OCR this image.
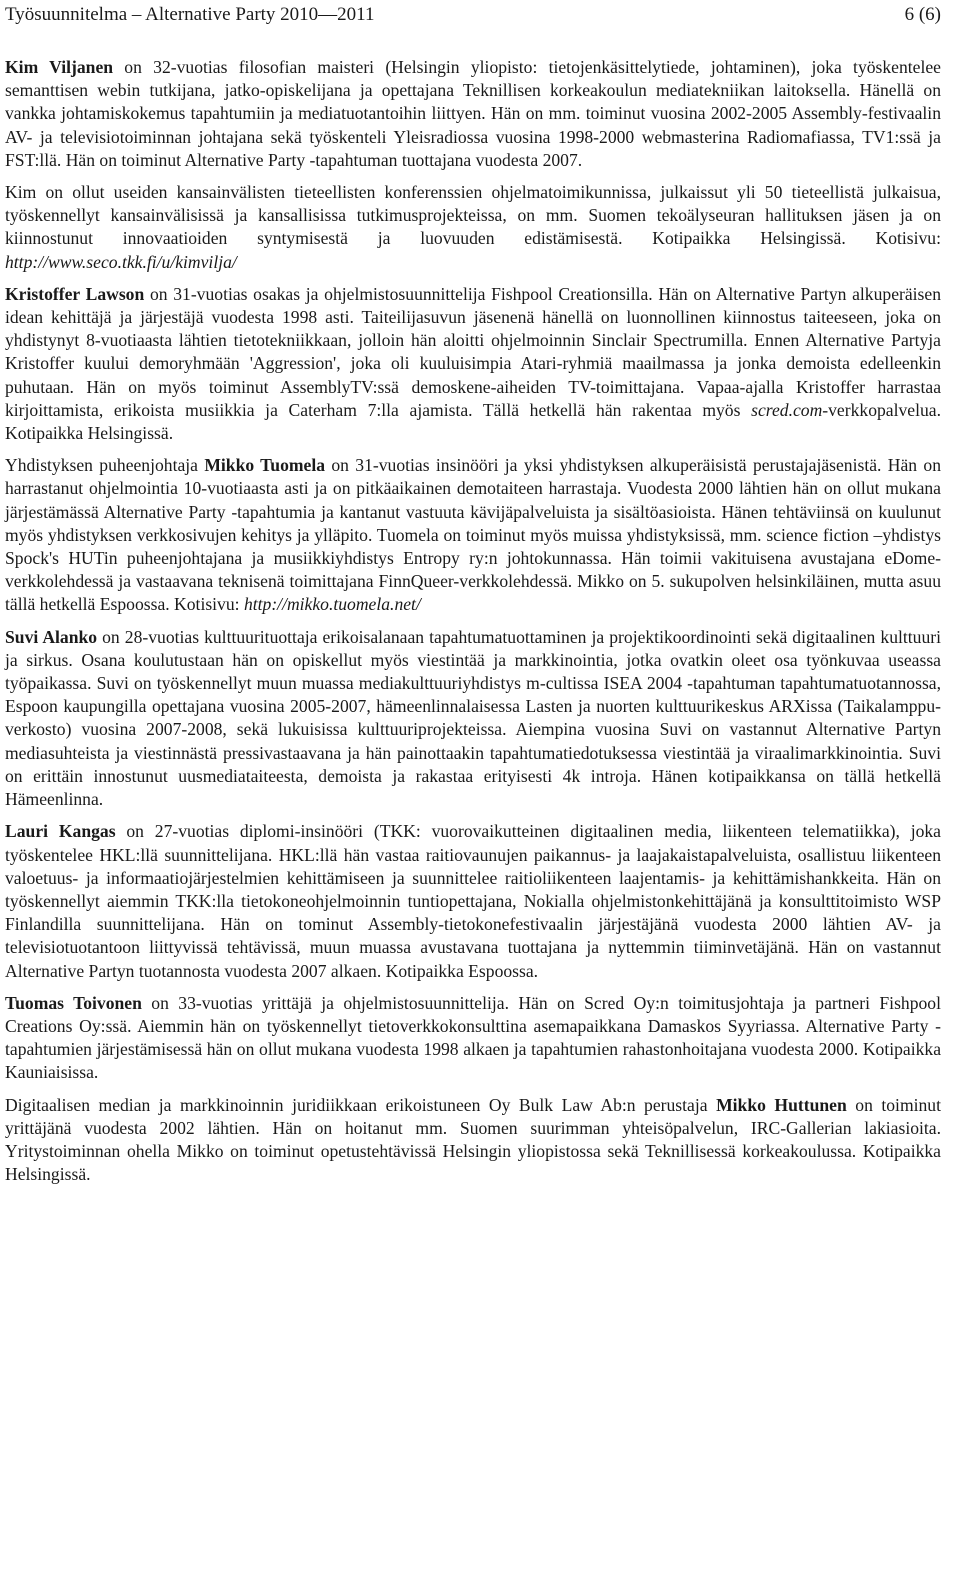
Työsuunnitelma – Alternative Party 2010—2011	6 (6)

Kim Viljanen on 32-vuotias filosofian maisteri (Helsingin yliopisto: tietojenkäsittelytiede, johtaminen), joka työskentelee semanttisen webin tutkijana, jatko-opiskelijana ja opettajana Teknillisen korkeakoulun mediatekniikan laitoksella. Hänellä on vankka johtamiskokemus tapahtumiin ja mediatuotantoihin liittyen. Hän on mm. toiminut vuosina 2002-2005 Assembly-festivaalin AV- ja televisiotoiminnan johtajana sekä työskenteli Yleisradiossa vuosina 1998-2000 webmasterina Radiomafiassa, TV1:ssä ja FST:llä. Hän on toiminut Alternative Party -tapahtuman tuottajana vuodesta 2007.

Kim on ollut useiden kansainvälisten tieteellisten konferenssien ohjelmatoimikunnissa, julkaissut yli 50 tieteellistä julkaisua, työskennellyt kansainvälisissä ja kansallisissa tutkimusprojekteissa, on mm. Suomen tekoälyseuran hallituksen jäsen ja on kiinnostunut innovaatioiden syntymisestä ja luovuuden edistämisestä. Kotipaikka Helsingissä. Kotisivu: http://www.seco.tkk.fi/u/kimvilja/

Kristoffer Lawson on 31-vuotias osakas ja ohjelmistosuunnittelija Fishpool Creationsilla. Hän on Alternative Partyn alkuperäisen idean kehittäjä ja järjestäjä vuodesta 1998 asti. Taiteilijasuvun jäsenenä hänellä on luonnollinen kiinnostus taiteeseen, joka on yhdistynyt 8-vuotiaasta lähtien tietotekniikkaan, jolloin hän aloitti ohjelmoinnin Sinclair Spectrumilla. Ennen Alternative Partyja Kristoffer kuului demoryhmään 'Aggression', joka oli kuuluisimpia Atari-ryhmiä maailmassa ja jonka demoista edelleenkin puhutaan. Hän on myös toiminut AssemblyTV:ssä demoskene-aiheiden TV-toimittajana. Vapaa-ajalla Kristoffer harrastaa kirjoittamista, erikoista musiikkia ja Caterham 7:lla ajamista. Tällä hetkellä hän rakentaa myös scred.com-verkkopalvelua. Kotipaikka Helsingissä.

Yhdistyksen puheenjohtaja Mikko Tuomela on 31-vuotias insinööri ja yksi yhdistyksen alkuperäisistä perustajajäsenistä. Hän on harrastanut ohjelmointia 10-vuotiaasta asti ja on pitkäaikainen demotaiteen harrastaja. Vuodesta 2000 lähtien hän on ollut mukana järjestämässä Alternative Party -tapahtumia ja kantanut vastuuta kävijäpalveluista ja sisältöasioista. Hänen tehtäviinsä on kuulunut myös yhdistyksen verkkosivujen kehitys ja ylläpito. Tuomela on toiminut myös muissa yhdistyksissä, mm. science fiction –yhdistys Spock's HUTin puheenjohtajana ja musiikkiyhdistys Entropy ry:n johtokunnassa. Hän toimii vakituisena avustajana eDome-verkkolehdessä ja vastaavana teknisenä toimittajana FinnQueer-verkkolehdessä. Mikko on 5. sukupolven helsinkiläinen, mutta asuu tällä hetkellä Espoossa. Kotisivu: http://mikko.tuomela.net/

Suvi Alanko on 28-vuotias kulttuurituottaja erikoisalanaan tapahtumatuottaminen ja projektikoordinointi sekä digitaalinen kulttuuri ja sirkus. Osana koulutustaan hän on opiskellut myös viestintää ja markkinointia, jotka ovatkin oleet osa työnkuvaa useassa työpaikassa. Suvi on työskennellyt muun muassa mediakulttuuriyhdistys m-cultissa ISEA 2004 -tapahtuman tapahtumatuotannossa, Espoon kaupungilla opettajana vuosina 2005-2007, hämeenlinnalaisessa Lasten ja nuorten kulttuurikeskus ARXissa (Taikalamppu-verkosto) vuosina 2007-2008, sekä lukuisissa kulttuuriprojekteissa. Aiempina vuosina Suvi on vastannut Alternative Partyn mediasuhteista ja viestinnästä pressivastaavana ja hän painottaakin tapahtumatiedotuksessa viestintää ja viraalimarkkinointia. Suvi on erittäin innostunut uusmediataiteesta, demoista ja rakastaa erityisesti 4k introja. Hänen kotipaikkansa on tällä hetkellä Hämeenlinna.

Lauri Kangas on 27-vuotias diplomi-insinööri (TKK: vuorovaikutteinen digitaalinen media, liikenteen telematiikka), joka työskentelee HKL:llä suunnittelijana. HKL:llä hän vastaa raitiovaunujen paikannus- ja laajakaistapalveluista, osallistuu liikenteen valoetuus- ja informaatiojärjestelmien kehittämiseen ja suunnittelee raitioliikenteen laajentamis- ja kehittämishankkeita. Hän on työskennellyt aiemmin TKK:lla tietokoneohjelmoinnin tuntiopettajana, Nokialla ohjelmistonkehittäjänä ja konsulttitoimisto WSP Finlandilla suunnittelijana. Hän on tominut Assembly-tietokonefestivaalin järjestäjänä vuodesta 2000 lähtien AV- ja televisiotuotantoon liittyvissä tehtävissä, muun muassa avustavana tuottajana ja nyttemmin tiiminvetäjänä. Hän on vastannut Alternative Partyn tuotannosta vuodesta 2007 alkaen. Kotipaikka Espoossa.

Tuomas Toivonen on 33-vuotias yrittäjä ja ohjelmistosuunnittelija. Hän on Scred Oy:n toimitusjohtaja ja partneri Fishpool Creations Oy:ssä. Aiemmin hän on työskennellyt tietoverkkokonsulttina asemapaikkana Damaskos Syyriassa. Alternative Party -tapahtumien järjestämisessä hän on ollut mukana vuodesta 1998 alkaen ja tapahtumien rahastonhoitajana vuodesta 2000. Kotipaikka Kauniaisissa.

Digitaalisen median ja markkinoinnin juridiikkaan erikoistuneen Oy Bulk Law Ab:n perustaja Mikko Huttunen on toiminut yrittäjänä vuodesta 2002 lähtien. Hän on hoitanut mm. Suomen suurimman yhteisöpalvelun, IRC-Gallerian lakiasioita. Yritystoiminnan ohella Mikko on toiminut opetustehtävissä Helsingin yliopistossa sekä Teknillisessä korkeakoulussa. Kotipaikka Helsingissä.
